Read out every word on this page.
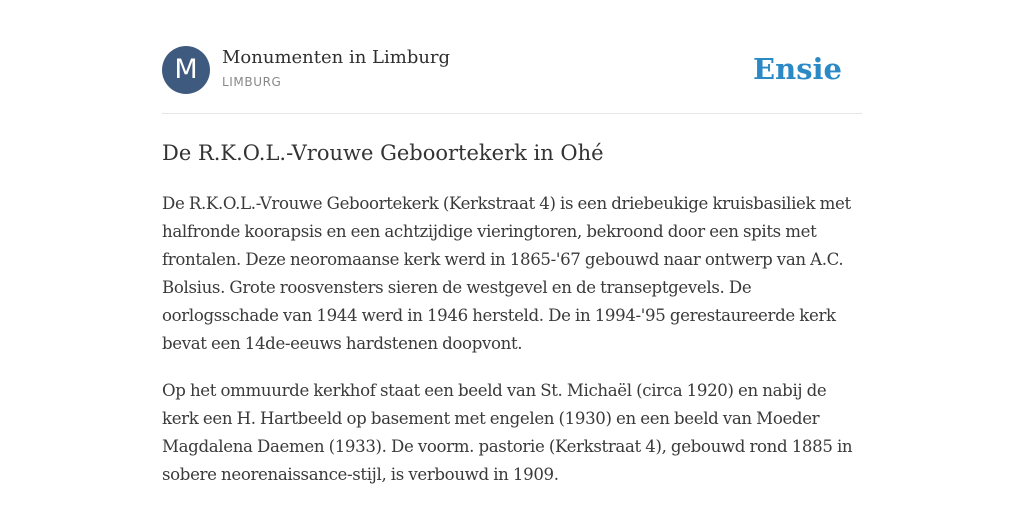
M	Monumenten in Limburg
LIMBURG	Ensie
De R.K.O.L.-Vrouwe Geboortekerk in Ohé

De R.K.O.L.-Vrouwe Geboortekerk (Kerkstraat 4) is een driebeukige kruisbasiliek met halfronde koorapsis en een achtzijdige vieringtoren, bekroond door een spits met frontalen. Deze neoromaanse kerk werd in 1865-'67 gebouwd naar ontwerp van A.C. Bolsius. Grote roosvensters sieren de westgevel en de transeptgevels. De oorlogsschade van 1944 werd in 1946 hersteld. De in 1994-'95 gerestaureerde kerk bevat een 14de-eeuws hardstenen doopvont.

Op het ommuurde kerkhof staat een beeld van St. Michaël (circa 1920) en nabij de kerk een H. Hartbeeld op basement met engelen (1930) en een beeld van Moeder Magdalena Daemen (1933). De voorm. pastorie (Kerkstraat 4), gebouwd rond 1885 in sobere neorenaissance-stijl, is verbouwd in 1909.
